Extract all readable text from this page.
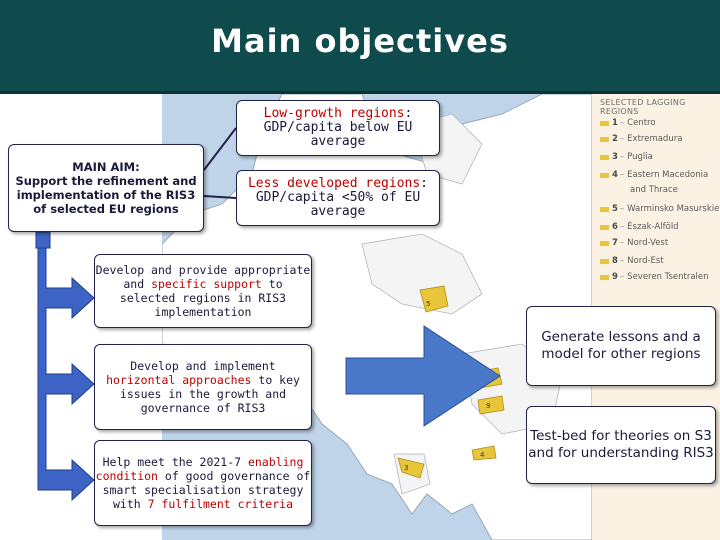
Main objectives
5
9
3
4
SELECTED LAGGING REGIONS
1 – Centro
2 – Extremadura
3 – Puglia
4 – Eastern Macedonia
and Thrace
5 – Warminsko Masurskie
6 – Észak-Alföld
7 – Nord-Vest
8 – Nord-Est
9 – Severen Tsentralen

MAIN AIM:

Support the refinement and implementation of the RIS3 of selected EU regions

Low-growth regions:

GDP/capita below EU average

Less developed regions:

GDP/capita <50% of EU average

Develop and provide appropriate and specific support to selected regions in RIS3 implementation

Develop and implement horizontal approaches to key issues in the growth and governance of RIS3

Help meet the 2021-7 enabling condition of good governance of smart specialisation strategy with 7 fulfilment criteria

Generate lessons and a model for other regions

Test-bed for theories on S3 and for understanding RIS3
